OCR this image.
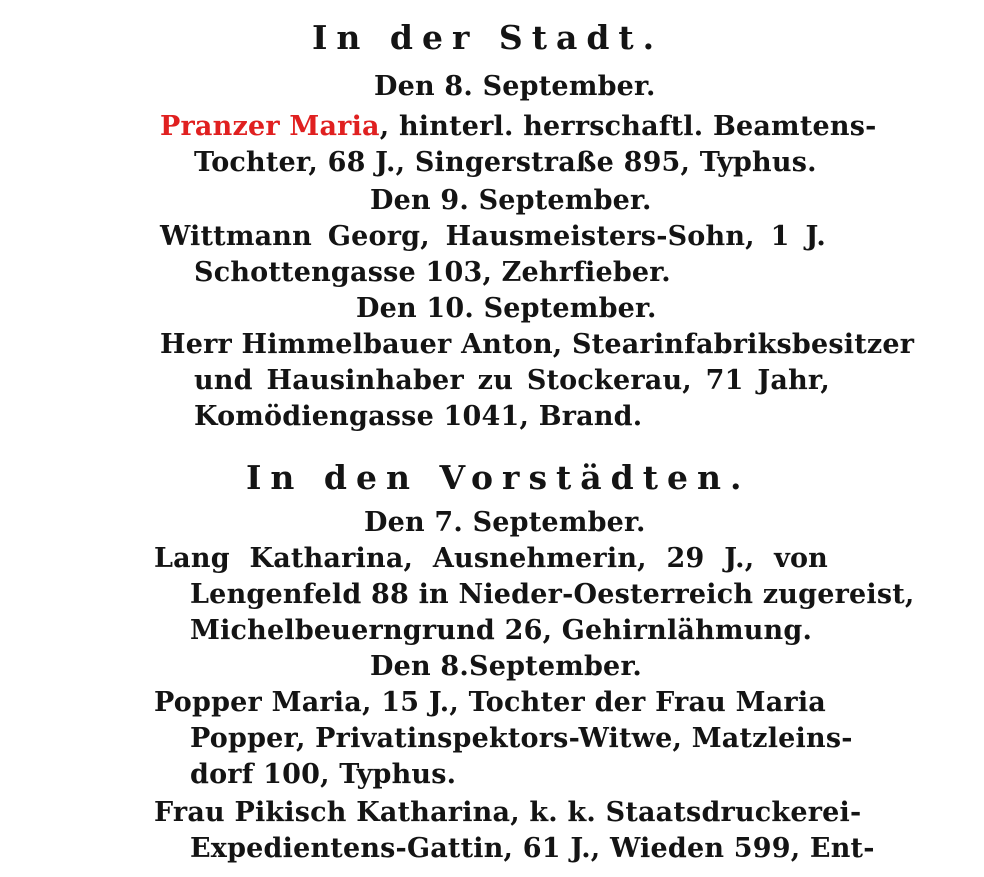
In der Stadt.
Den 8. September.
Pranzer Maria, hinterl. herrschaftl. Beamtens-
Tochter, 68 J., Singerstraße 895, Typhus.
Den 9. September.
Wittmann Georg, Hausmeisters-Sohn, 1 J.
Schottengasse 103, Zehrfieber.
Den 10. September.
Herr Himmelbauer Anton, Stearinfabriksbesitzer
und Hausinhaber zu Stockerau, 71 Jahr,
Komödiengasse 1041, Brand.
In den Vorstädten.
Den 7. September.
Lang Katharina, Ausnehmerin, 29 J., von
Lengenfeld 88 in Nieder-Oesterreich zugereist,
Michelbeuerngrund 26, Gehirnlähmung.
Den 8.September.
Popper Maria, 15 J., Tochter der Frau Maria
Popper, Privatinspektors-Witwe, Matzleins-
dorf 100, Typhus.
Frau Pikisch Katharina, k. k. Staatsdruckerei-
Expedientens-Gattin, 61 J., Wieden 599, Ent-
